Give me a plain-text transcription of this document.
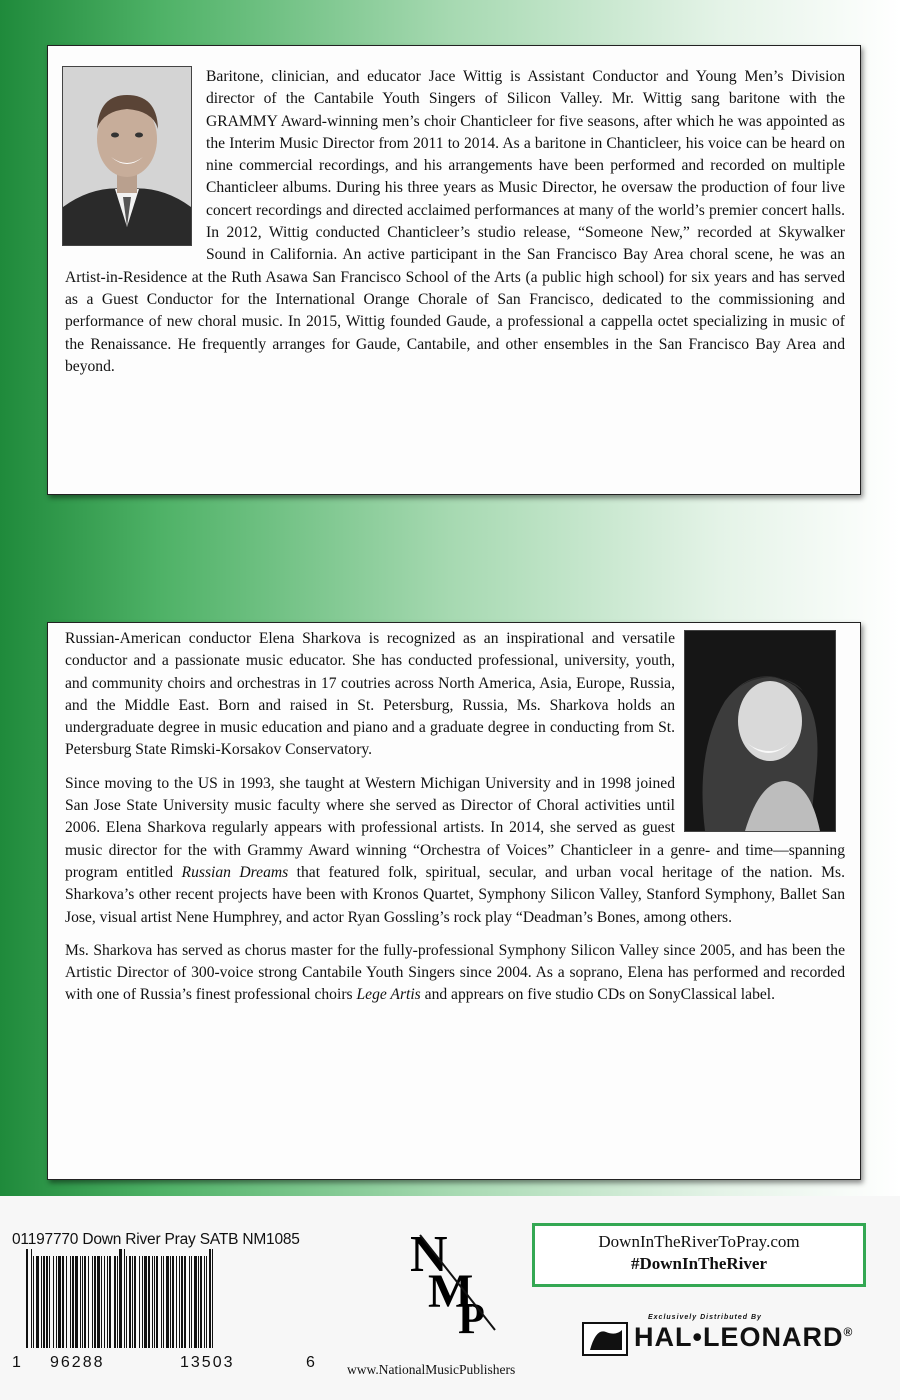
Baritone, clinician, and educator Jace Wittig is Assistant Conductor and Young Men’s Division director of the Cantabile Youth Singers of Silicon Valley. Mr. Wittig sang baritone with the GRAMMY Award-winning men’s choir Chanticleer for five seasons, after which he was appointed as the Interim Music Director from 2011 to 2014. As a baritone in Chanticleer, his voice can be heard on nine commercial recordings, and his arrangements have been performed and recorded on multiple Chanticleer albums. During his three years as Music Director, he oversaw the production of four live concert recordings and directed acclaimed performances at many of the world’s premier concert halls. In 2012, Wittig conducted Chanticleer’s studio release, “Someone New,” recorded at Skywalker Sound in California. An active participant in the San Francisco Bay Area choral scene, he was an Artist-in-Residence at the Ruth Asawa San Francisco School of the Arts (a public high school) for six years and has served as a Guest Conductor for the International Orange Chorale of San Francisco, dedicated to the commissioning and performance of new choral music. In 2015, Wittig founded Gaude, a professional a cappella octet specializing in music of the Renaissance. He frequently arranges for Gaude, Cantabile, and other ensembles in the San Francisco Bay Area and beyond.

Russian-American conductor Elena Sharkova is recognized as an inspirational and versatile conductor and a passionate music educator. She has conducted professional, university, youth, and community choirs and orchestras in 17 coutries across North America, Asia, Europe, Russia, and the Middle East. Born and raised in St. Petersburg, Russia, Ms. Sharkova holds an undergraduate degree in music education and piano and a graduate degree in conducting from St. Petersburg State Rimski-Korsakov Conservatory.

Since moving to the US in 1993, she taught at Western Michigan University and in 1998 joined San Jose State University music faculty where she served as Director of Choral activities until 2006. Elena Sharkova regularly appears with professional artists. In 2014, she served as guest music director for the with Grammy Award winning “Orchestra of Voices” Chanticleer in a genre- and time—spanning program entitled Russian Dreams that featured folk, spiritual, secular, and urban vocal heritage of the nation. Ms. Sharkova’s other recent projects have been with Kronos Quartet, Symphony Silicon Valley, Stanford Symphony, Ballet San Jose, visual artist Nene Humphrey, and actor Ryan Gossling’s rock play “Deadman’s Bones, among others.

Ms. Sharkova has served as chorus master for the fully-professional Symphony Silicon Valley since 2005, and has been the Artistic Director of 300-voice strong Cantabile Youth Singers since 2004. As a soprano, Elena has performed and recorded with one of Russia’s finest professional choirs Lege Artis and apprears on five studio CDs on SonyClassical label.

01197770 Down River Pray SATB NM1085
1 96288	13503	6
N
M
P
www.NationalMusicPublishers
DownInTheRiverToPray.com
#DownInTheRiver
Exclusively Distributed By
HAL•LEONARD®
